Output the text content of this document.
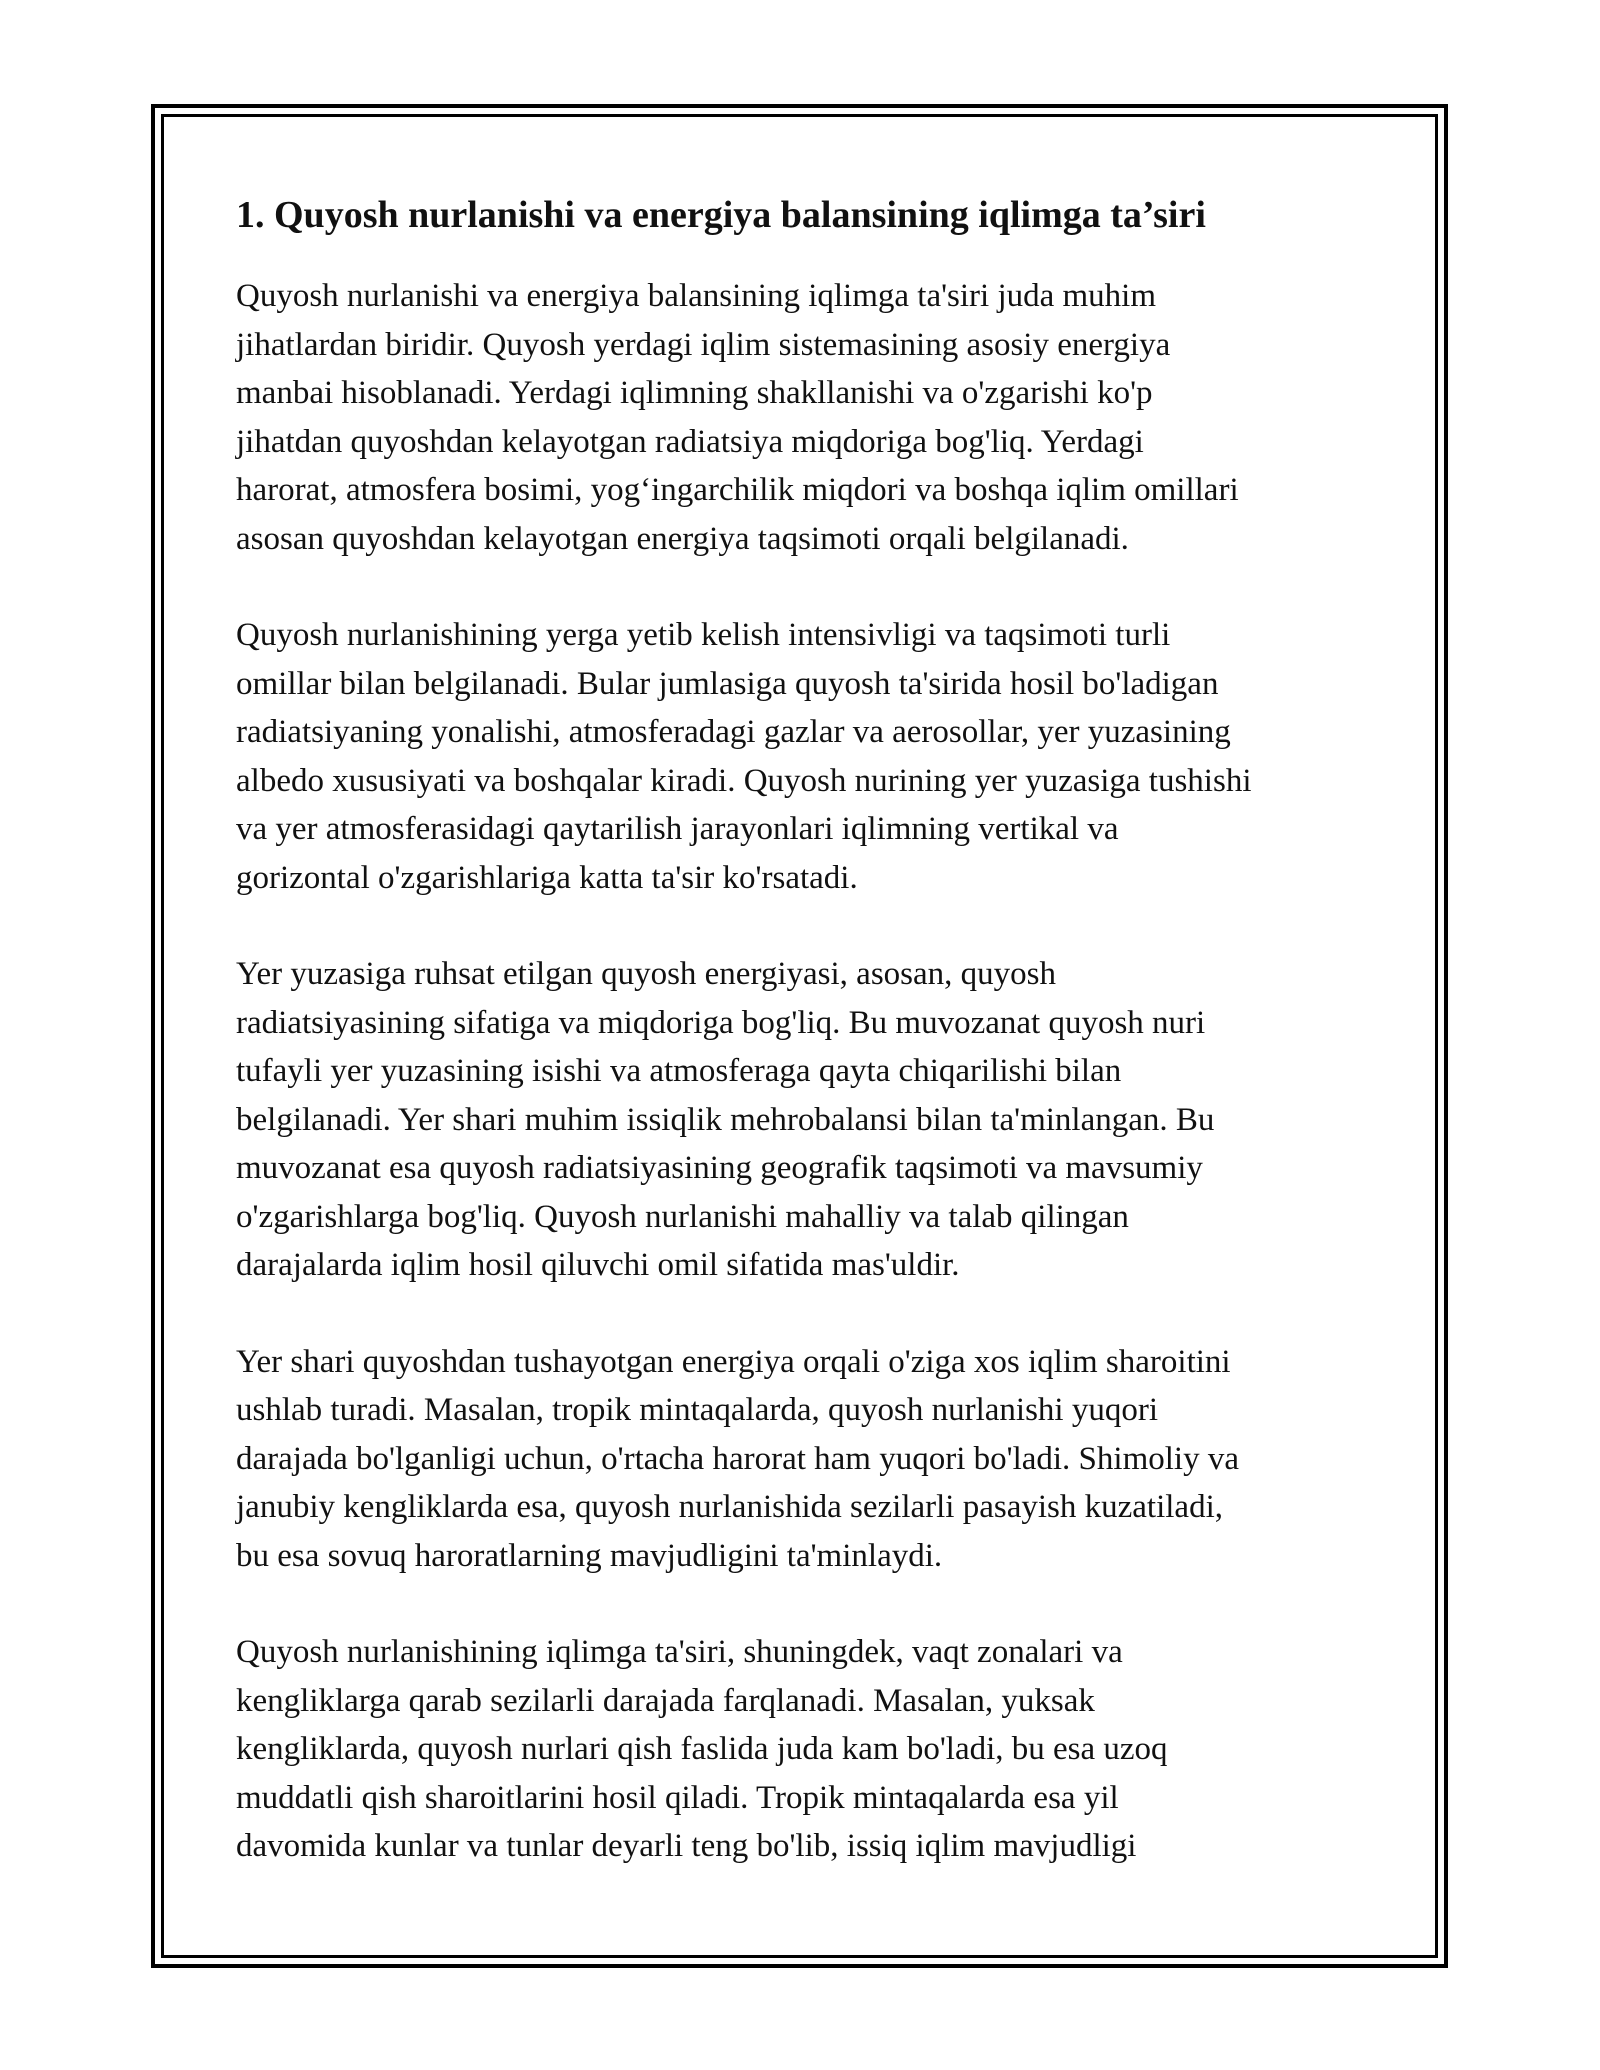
1. Quyosh nurlanishi va energiya balansining iqlimga ta’siri
Quyosh nurlanishi va energiya balansining iqlimga ta'siri juda muhim
jihatlardan biridir. Quyosh yerdagi iqlim sistemasining asosiy energiya
manbai hisoblanadi. Yerdagi iqlimning shakllanishi va o'zgarishi ko'p
jihatdan quyoshdan kelayotgan radiatsiya miqdoriga bog'liq. Yerdagi
harorat, atmosfera bosimi, yog‘ingarchilik miqdori va boshqa iqlim omillari
asosan quyoshdan kelayotgan energiya taqsimoti orqali belgilanadi.
Quyosh nurlanishining yerga yetib kelish intensivligi va taqsimoti turli
omillar bilan belgilanadi. Bular jumlasiga quyosh ta'sirida hosil bo'ladigan
radiatsiyaning yonalishi, atmosferadagi gazlar va aerosollar, yer yuzasining
albedo xususiyati va boshqalar kiradi. Quyosh nurining yer yuzasiga tushishi
va yer atmosferasidagi qaytarilish jarayonlari iqlimning vertikal va
gorizontal o'zgarishlariga katta ta'sir ko'rsatadi.
Yer yuzasiga ruhsat etilgan quyosh energiyasi, asosan, quyosh
radiatsiyasining sifatiga va miqdoriga bog'liq. Bu muvozanat quyosh nuri
tufayli yer yuzasining isishi va atmosferaga qayta chiqarilishi bilan
belgilanadi. Yer shari muhim issiqlik mehrobalansi bilan ta'minlangan. Bu
muvozanat esa quyosh radiatsiyasining geografik taqsimoti va mavsumiy
o'zgarishlarga bog'liq. Quyosh nurlanishi mahalliy va talab qilingan
darajalarda iqlim hosil qiluvchi omil sifatida mas'uldir.
Yer shari quyoshdan tushayotgan energiya orqali o'ziga xos iqlim sharoitini
ushlab turadi. Masalan, tropik mintaqalarda, quyosh nurlanishi yuqori
darajada bo'lganligi uchun, o'rtacha harorat ham yuqori bo'ladi. Shimoliy va
janubiy kengliklarda esa, quyosh nurlanishida sezilarli pasayish kuzatiladi,
bu esa sovuq haroratlarning mavjudligini ta'minlaydi.
Quyosh nurlanishining iqlimga ta'siri, shuningdek, vaqt zonalari va
kengliklarga qarab sezilarli darajada farqlanadi. Masalan, yuksak
kengliklarda, quyosh nurlari qish faslida juda kam bo'ladi, bu esa uzoq
muddatli qish sharoitlarini hosil qiladi. Tropik mintaqalarda esa yil
davomida kunlar va tunlar deyarli teng bo'lib, issiq iqlim mavjudligi
